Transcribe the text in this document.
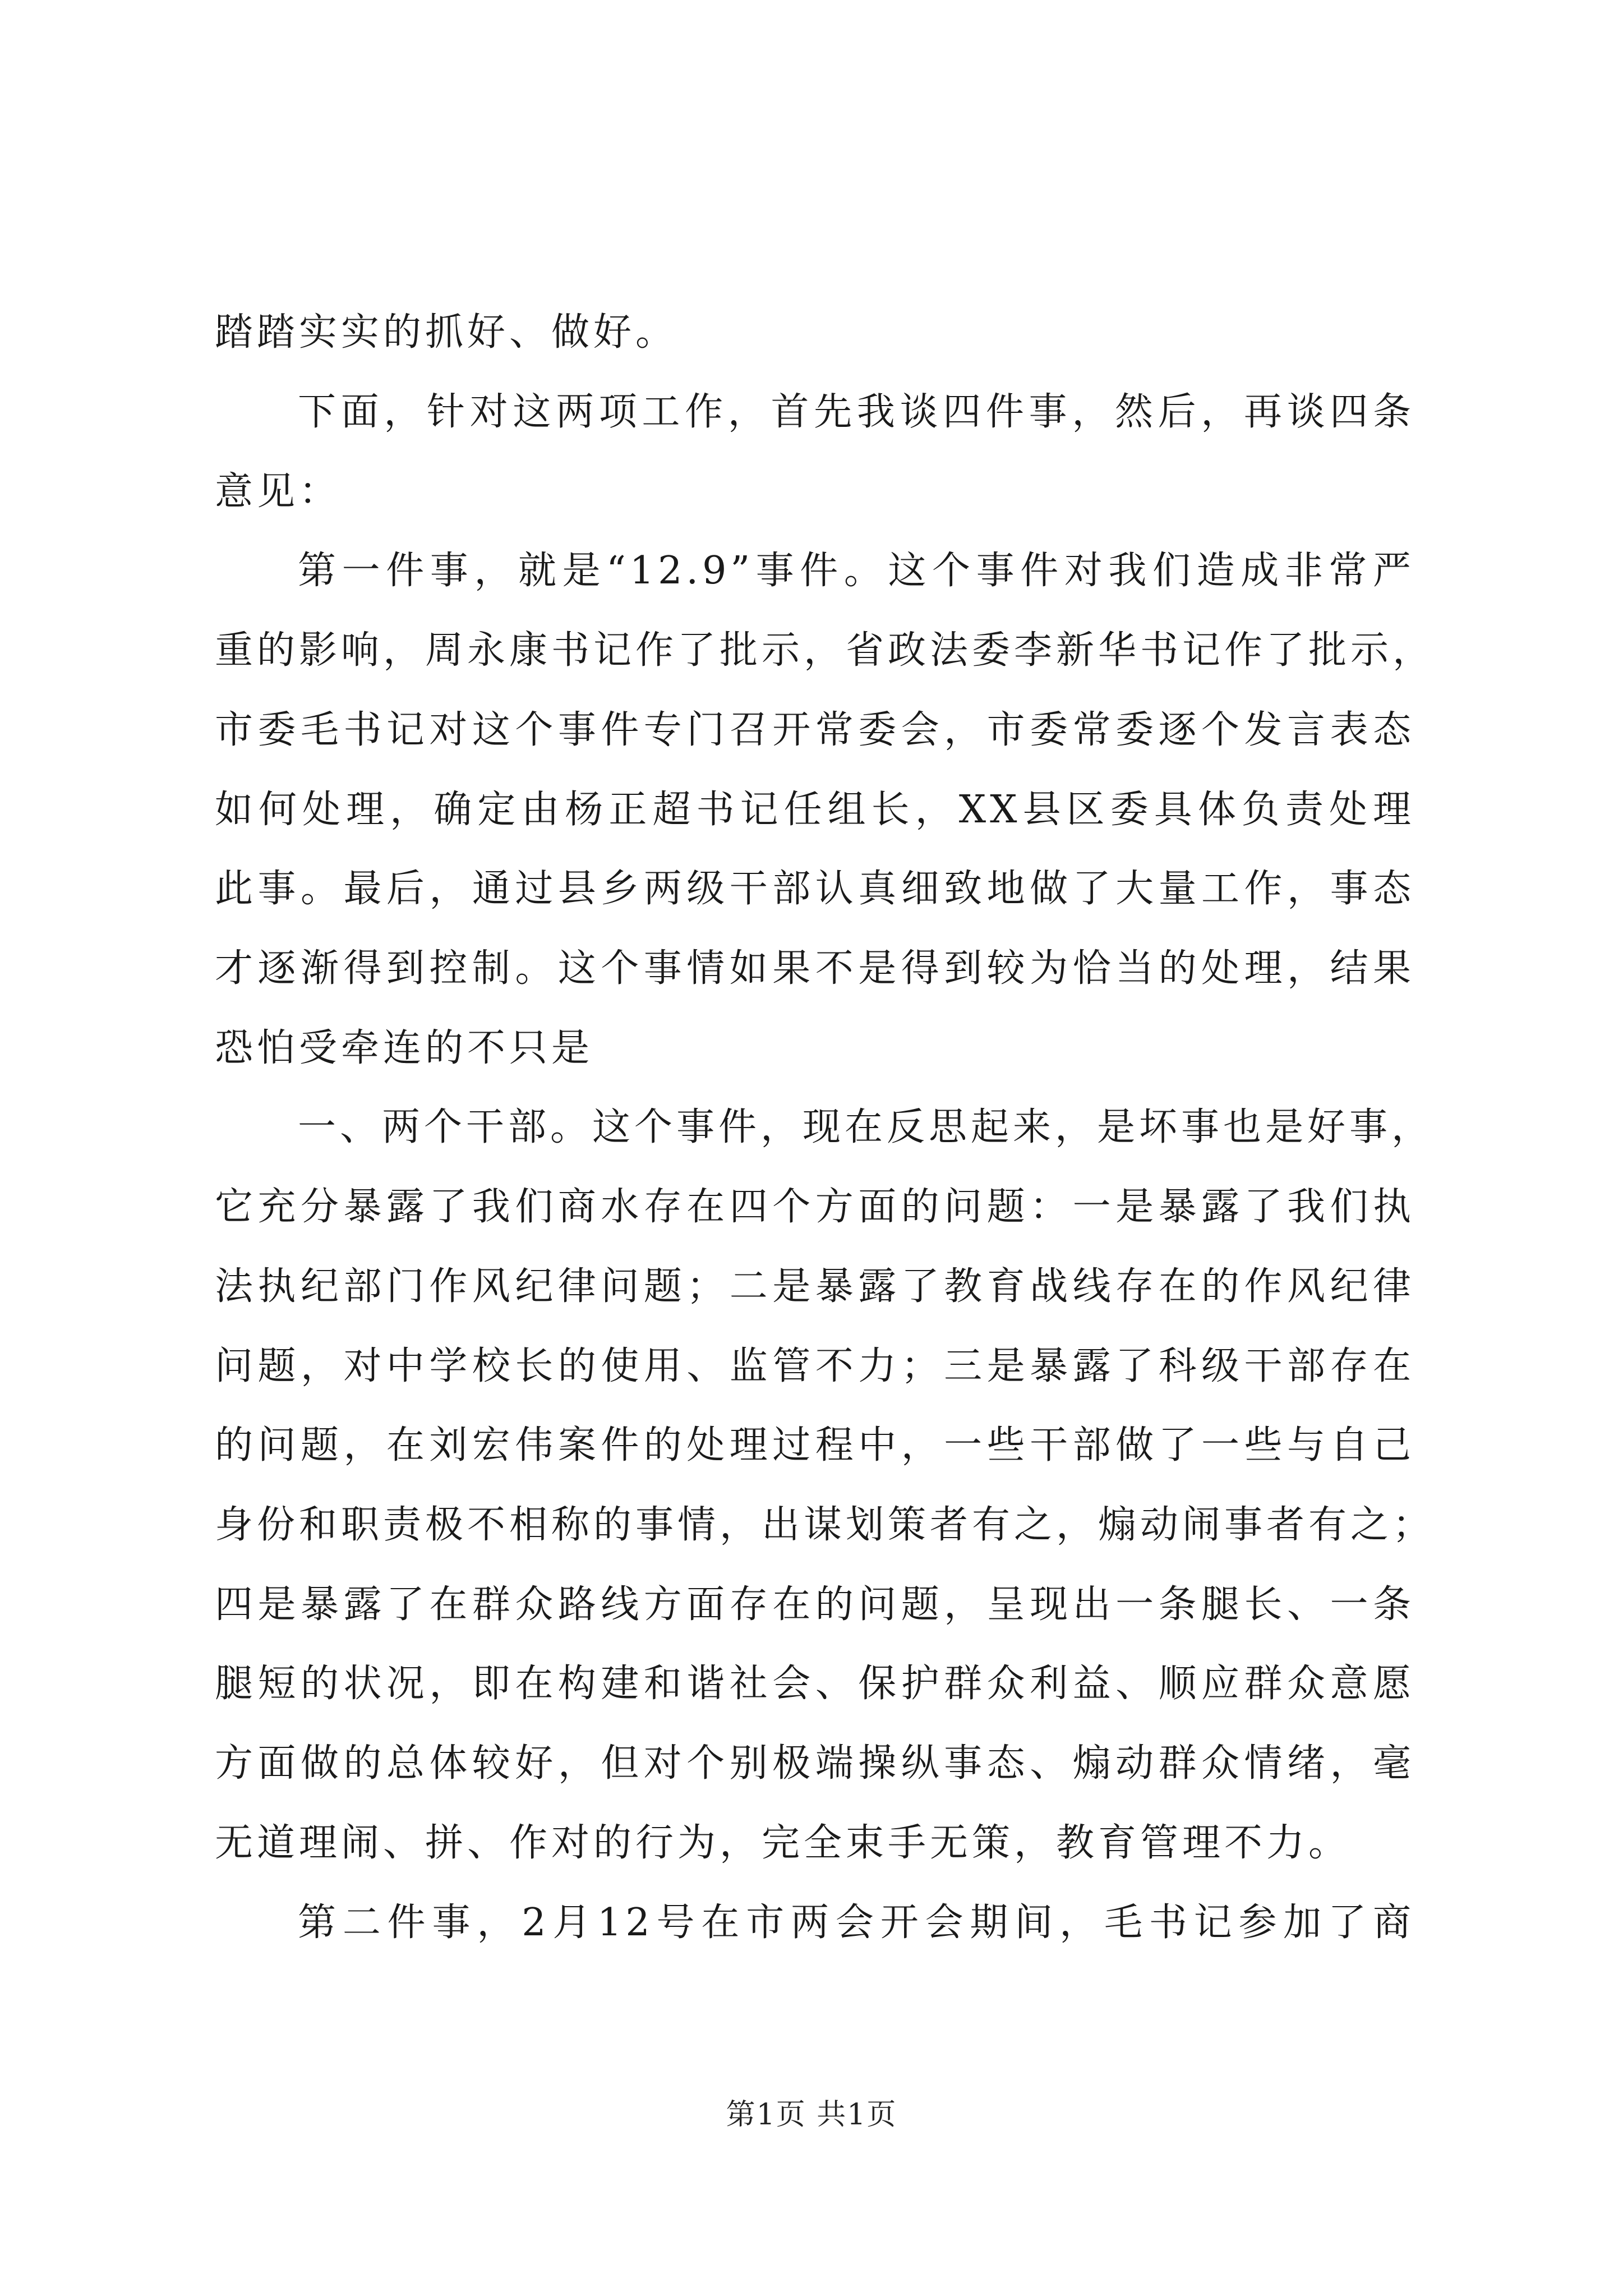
踏踏实实的抓好、做好。
下面，针对这两项工作，首先我谈四件事，然后，再谈四条
意见：
第一件事，就是“12.9”事件。这个事件对我们造成非常严
重的影响，周永康书记作了批示，省政法委李新华书记作了批示，
市委毛书记对这个事件专门召开常委会，市委常委逐个发言表态
如何处理，确定由杨正超书记任组长，XX县区委具体负责处理
此事。最后，通过县乡两级干部认真细致地做了大量工作，事态
才逐渐得到控制。这个事情如果不是得到较为恰当的处理，结果
恐怕受牵连的不只是
一、两个干部。这个事件，现在反思起来，是坏事也是好事，
它充分暴露了我们商水存在四个方面的问题：一是暴露了我们执
法执纪部门作风纪律问题；二是暴露了教育战线存在的作风纪律
问题，对中学校长的使用、监管不力；三是暴露了科级干部存在
的问题，在刘宏伟案件的处理过程中，一些干部做了一些与自己
身份和职责极不相称的事情，出谋划策者有之，煽动闹事者有之；
四是暴露了在群众路线方面存在的问题，呈现出一条腿长、一条
腿短的状况，即在构建和谐社会、保护群众利益、顺应群众意愿
方面做的总体较好，但对个别极端操纵事态、煽动群众情绪，毫
无道理闹、拼、作对的行为，完全束手无策，教育管理不力。
第二件事，2月12号在市两会开会期间，毛书记参加了商
第1页 共1页
